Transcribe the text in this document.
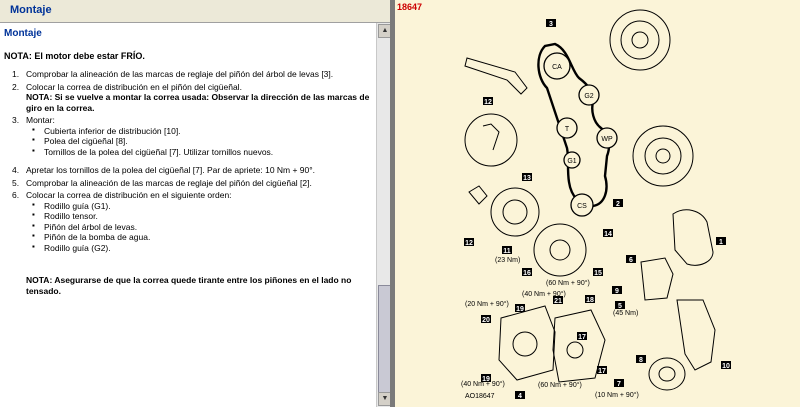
Montaje
Montaje
NOTA: El motor debe estar FRÍO.
1. Comprobar la alineación de las marcas de reglaje del piñón del árbol de levas [3].
2. Colocar la correa de distribución en el piñón del cigüeñal.
NOTA: Si se vuelve a montar la correa usada: Observar la dirección de las marcas de giro en la correa.
3. Montar:
▪ Cubierta inferior de distribución [10].
▪ Polea del cigüeñal [8].
▪ Tornillos de la polea del cigüeñal [7]. Utilizar tornillos nuevos.
4. Apretar los tornillos de la polea del cigüeñal [7]. Par de apriete: 10 Nm + 90°.
5. Comprobar la alineación de las marcas de reglaje del piñón del cigüeñal [2].
6. Colocar la correa de distribución en el siguiente orden:
▪ Rodillo guía (G1).
▪ Rodillo tensor.
▪ Piñón del árbol de levas.
▪ Piñón de la bomba de agua.
▪ Rodillo guía (G2).
NOTA: Asegurarse de que la correa quede tirante entre los piñones en el lado no tensado.
▲
▼
18647
CA
G2
T
WP
G1
CS
3
12
13
12
11
2
1
14
16	15
6
9
19
21	18
5
20
17
17
8
10
7
19
4
(23 Nm)
(60 Nm + 90°)
(40 Nm + 90°)
(20 Nm + 90°)
(45 Nm)
(40 Nm + 90°)	(60 Nm + 90°)
(10 Nm + 90°)
AO18647
